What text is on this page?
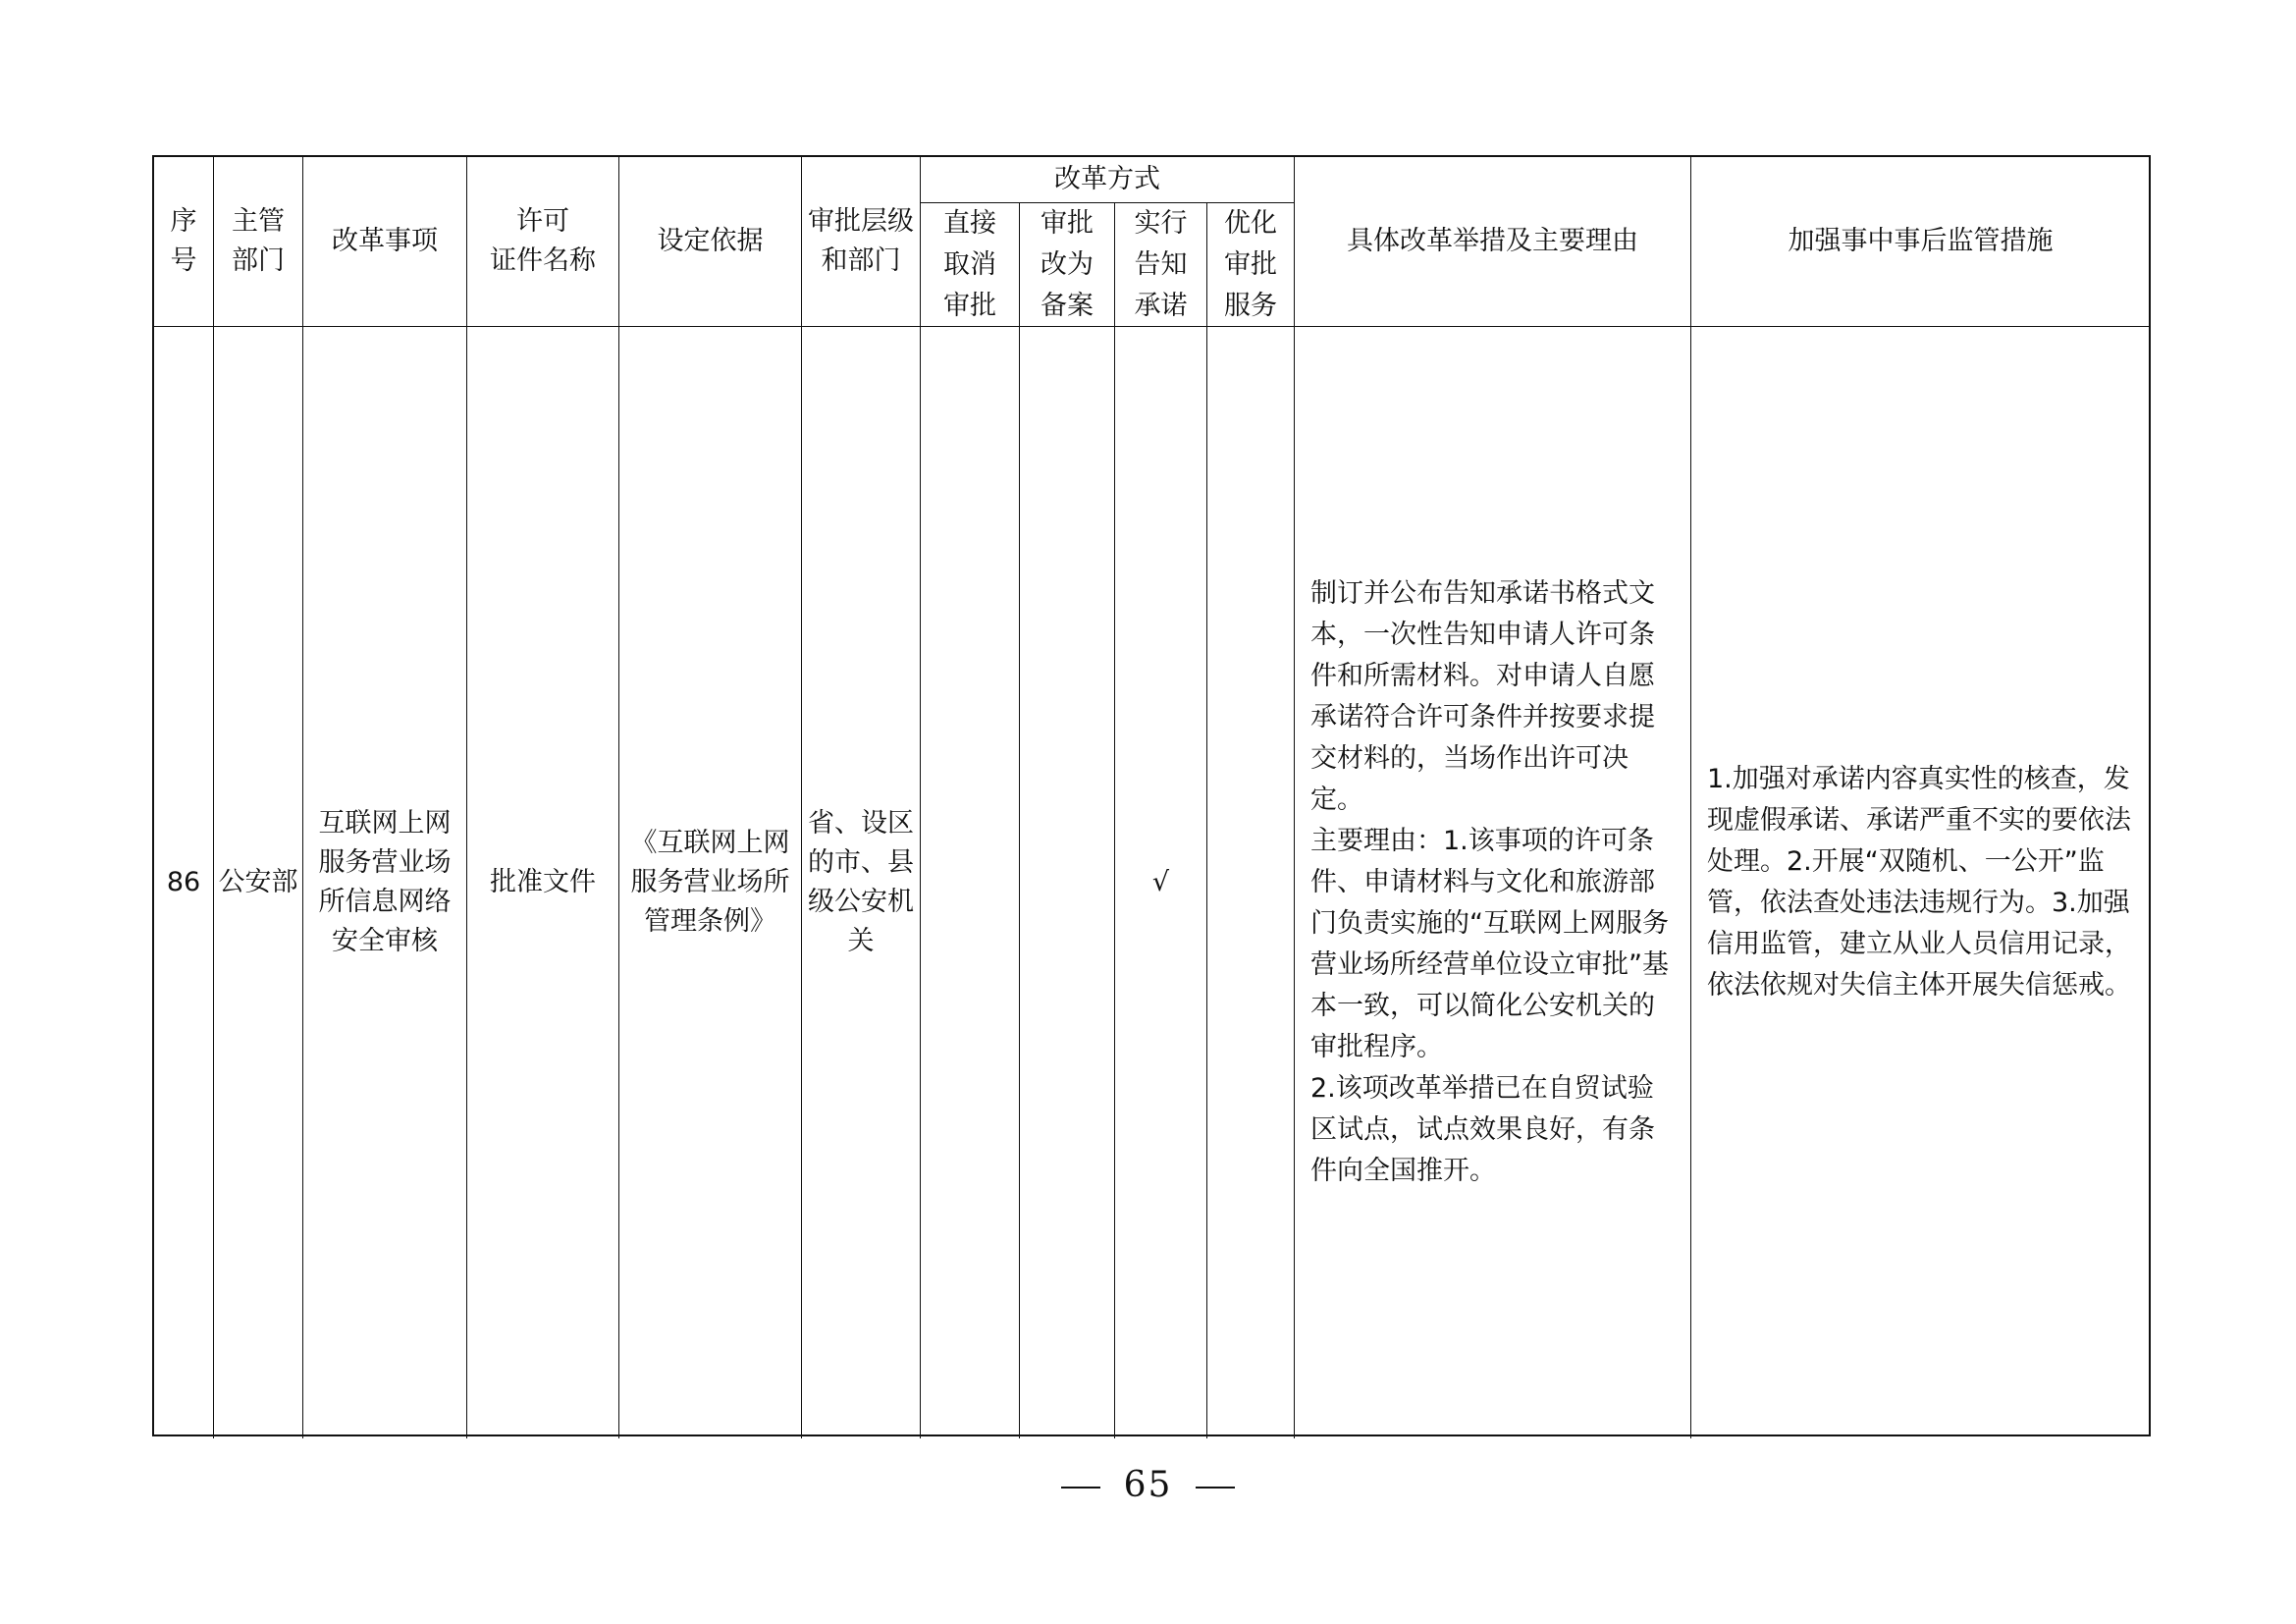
序
号
主管
部门
改革事项
许可
证件名称
设定依据
审批层级
和部门
改革方式
具体改革举措及主要理由	加强事中事后监管措施
直接
取消
审批
审批
改为
备案
实行
告知
承诺
优化
审批
服务
86 公安部
互联网上网
服务营业场
所信息网络
安全审核
批准文件
《互联网上网
服务营业场所
管理条例》
省、设区
的市、县
级公安机
关
√
制订并公布告知承诺书格式文本，一次性告知申请人许可条件和所需材料。对申请人自愿承诺符合许可条件并按要求提交材料的，当场作出许可决定。
主要理由：1.该事项的许可条件、申请材料与文化和旅游部门负责实施的“互联网上网服务营业场所经营单位设立审批”基本一致，可以简化公安机关的审批程序。
2.该项改革举措已在自贸试验区试点，试点效果良好，有条件向全国推开。
1.加强对承诺内容真实性的核查，发现虚假承诺、承诺严重不实的要依法处理。2.开展“双随机、一公开”监管，依法查处违法违规行为。3.加强信用监管，建立从业人员信用记录，依法依规对失信主体开展失信惩戒。
65
